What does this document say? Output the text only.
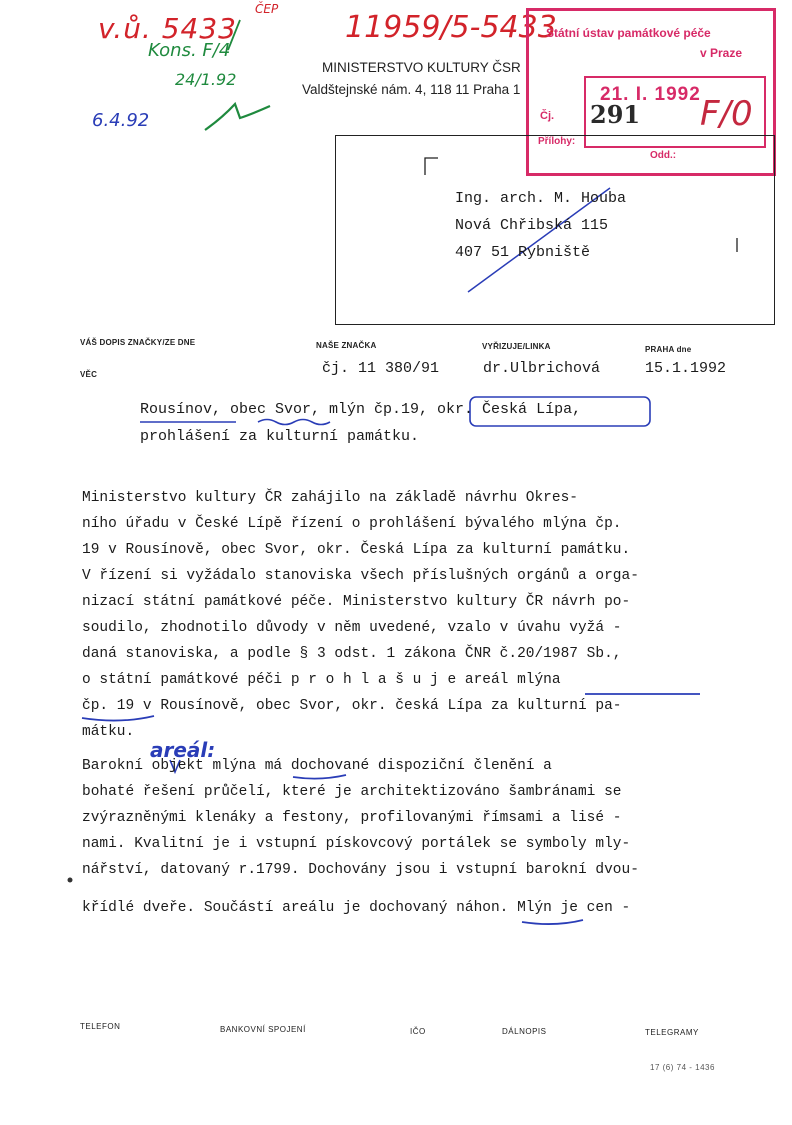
v.ů. 5433
ČEP
Kons. F/4
24/1.92
6.4.92
11959/5-5433
MINISTERSTVO KULTURY ČSR
Valdštejnské nám. 4, 118 11 Praha 1
Státní ústav památkové péče
v Praze
21. I. 1992
Čj. 291
Přílohy:
Odd.:
F/0
Ing. arch. M. Houba
Nová Chřibská 115
407 51 Rybniště
VÁŠ DOPIS ZNAČKY/ZE DNE	NAŠE ZNAČKA	VYŘIZUJE/LINKA	PRAHA dne
VĚC	čj. 11 380/91	dr.Ulbrichová	15.1.1992
Rousínov, obec Svor, mlýn čp.19, okr. Česká Lípa,
prohlášení za kulturní památku.
Ministerstvo kultury ČR zahájilo na základě návrhu Okres-
ního úřadu v České Lípě řízení o prohlášení bývalého mlýna čp.
19 v Rousínově, obec Svor, okr. Česká Lípa za kulturní památku.
V řízení si vyžádalo stanoviska všech příslušných orgánů a orga-
nizací státní památkové péče. Ministerstvo kultury ČR návrh po-
soudilo, zhodnotilo důvody v něm uvedené, vzalo v úvahu vyžá -
daná stanoviska, a podle § 3 odst. 1 zákona ČNR č.20/1987 Sb.,
o státní památkové péči p r o h l a š u j e areál mlýna
čp. 19 v Rousínově, obec Svor, okr. česká Lípa za kulturní pa-
mátku.
areál:
Barokní objekt mlýna má dochované dispoziční členění a
bohaté řešení průčelí, které je architektizováno šambránami se
zvýrazněnými klenáky a festony, profilovanými římsami a lisé -
nami. Kvalitní je i vstupní pískovcový portálek se symboly mly-
nářství, datovaný r.1799. Dochovány jsou i vstupní barokní dvou-
křídlé dveře. Součástí areálu je dochovaný náhon. Mlýn je cen -
TELEFON	BANKOVNÍ SPOJENÍ	IČO	DÁLNOPIS	TELEGRAMY
17 (6) 74 - 1436
